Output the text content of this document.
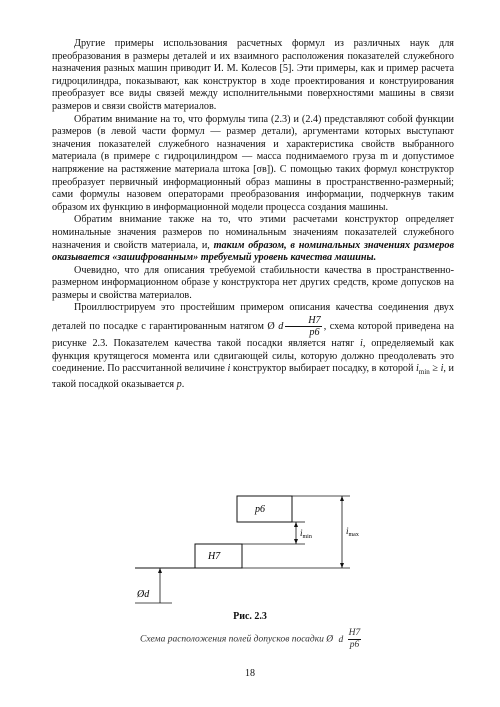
Другие примеры использования расчетных формул из различных наук для преобразования в размеры деталей и их взаимного расположения показателей служебного назначения разных машин приводит И. М. Колесов [5]. Эти примеры, как и пример расчета гидроцилиндра, показывают, как конструктор в ходе проектирования и конструирования преобразует все виды связей между исполнительными поверхностями машины в связи размеров и связи свойств материалов.

Обратим внимание на то, что формулы типа (2.3) и (2.4) представляют собой функции размеров (в левой части формул — размер детали), аргументами которых выступают значения показателей служебного назначения и характеристика свойств выбранного материала (в примере с гидроцилиндром — масса поднимаемого груза m и допустимое напряжение на растяжение материала штока [σв]). С помощью таких формул конструктор преобразует первичный информационный образ машины в пространственно-размерный; сами формулы назовем операторами преобразования информации, подчеркнув таким образом их функцию в информационной модели процесса создания машины.

Обратим внимание также на то, что этими расчетами конструктор определяет номинальные значения размеров по номинальным значениям показателей служебного назначения и свойств материала, и, таким образом, в номинальных значениях размеров оказывается «зашифрованным» требуемый уровень качества машины.

Очевидно, что для описания требуемой стабильности качества в пространственно-размерном информационном образе у конструктора нет других средств, кроме допусков на размеры и свойства материалов.

Проиллюстрируем это простейшим примером описания качества соединения двух деталей по посадке с гарантированным натягом Ø d $\frac{H7}{p6}$ , схема которой приведена на рисунке 2.3. Показателем качества такой посадки является натяг i, определяемый как функция крутящегося момента или сдвигающей силы, которую должно преодолевать это соединение. По рассчитанной величине i конструктор выбирает посадку, в которой $i_{min} \ge i$, и такой посадкой оказывается p.

p6
H7
$i_{min}$
$i_{max}$
Ød
Рис. 2.3
Схема расположения полей допусков посадки Ø d $\frac{H7}{p6}$
18
